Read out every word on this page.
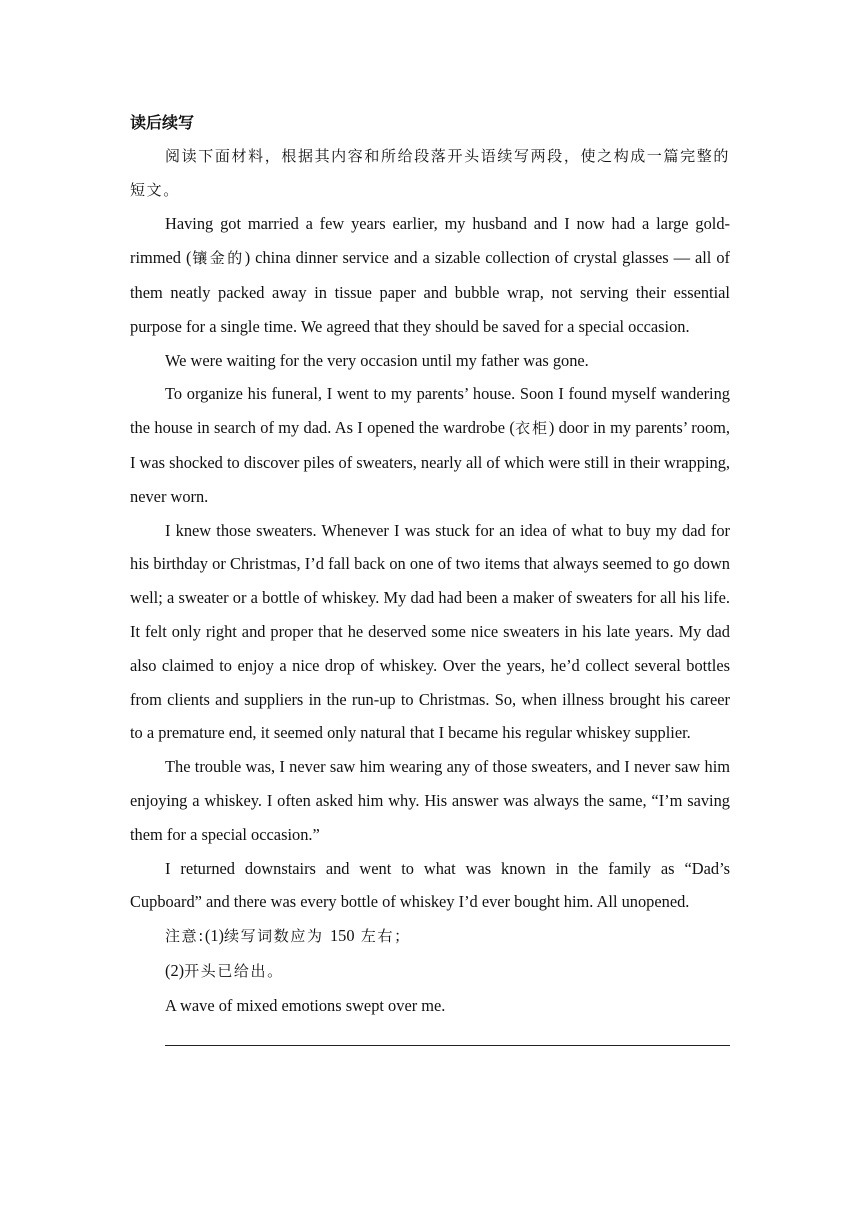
读后续写

阅读下面材料，根据其内容和所给段落开头语续写两段，使之构成一篇完整的短文。

Having got married a few years earlier, my husband and I now had a large gold-rimmed (镶金的) china dinner service and a sizable collection of crystal glasses — all of them neatly packed away in tissue paper and bubble wrap, not serving their essential purpose for a single time. We agreed that they should be saved for a special occasion.

We were waiting for the very occasion until my father was gone.

To organize his funeral, I went to my parents’ house. Soon I found myself wandering the house in search of my dad. As I opened the wardrobe (衣柜) door in my parents’ room, I was shocked to discover piles of sweaters, nearly all of which were still in their wrapping, never worn.

I knew those sweaters. Whenever I was stuck for an idea of what to buy my dad for his birthday or Christmas, I’d fall back on one of two items that always seemed to go down well; a sweater or a bottle of whiskey. My dad had been a maker of sweaters for all his life. It felt only right and proper that he deserved some nice sweaters in his late years. My dad also claimed to enjoy a nice drop of whiskey. Over the years, he’d collect several bottles from clients and suppliers in the run-up to Christmas. So, when illness brought his career to a premature end, it seemed only natural that I became his regular whiskey supplier.

The trouble was, I never saw him wearing any of those sweaters, and I never saw him enjoying a whiskey. I often asked him why. His answer was always the same, “I’m saving them for a special occasion.”

I returned downstairs and went to what was known in the family as “Dad’s Cupboard” and there was every bottle of whiskey I’d ever bought him. All unopened.

注意:(1)续写词数应为 150 左右；

(2)开头已给出。

A wave of mixed emotions swept over me.
